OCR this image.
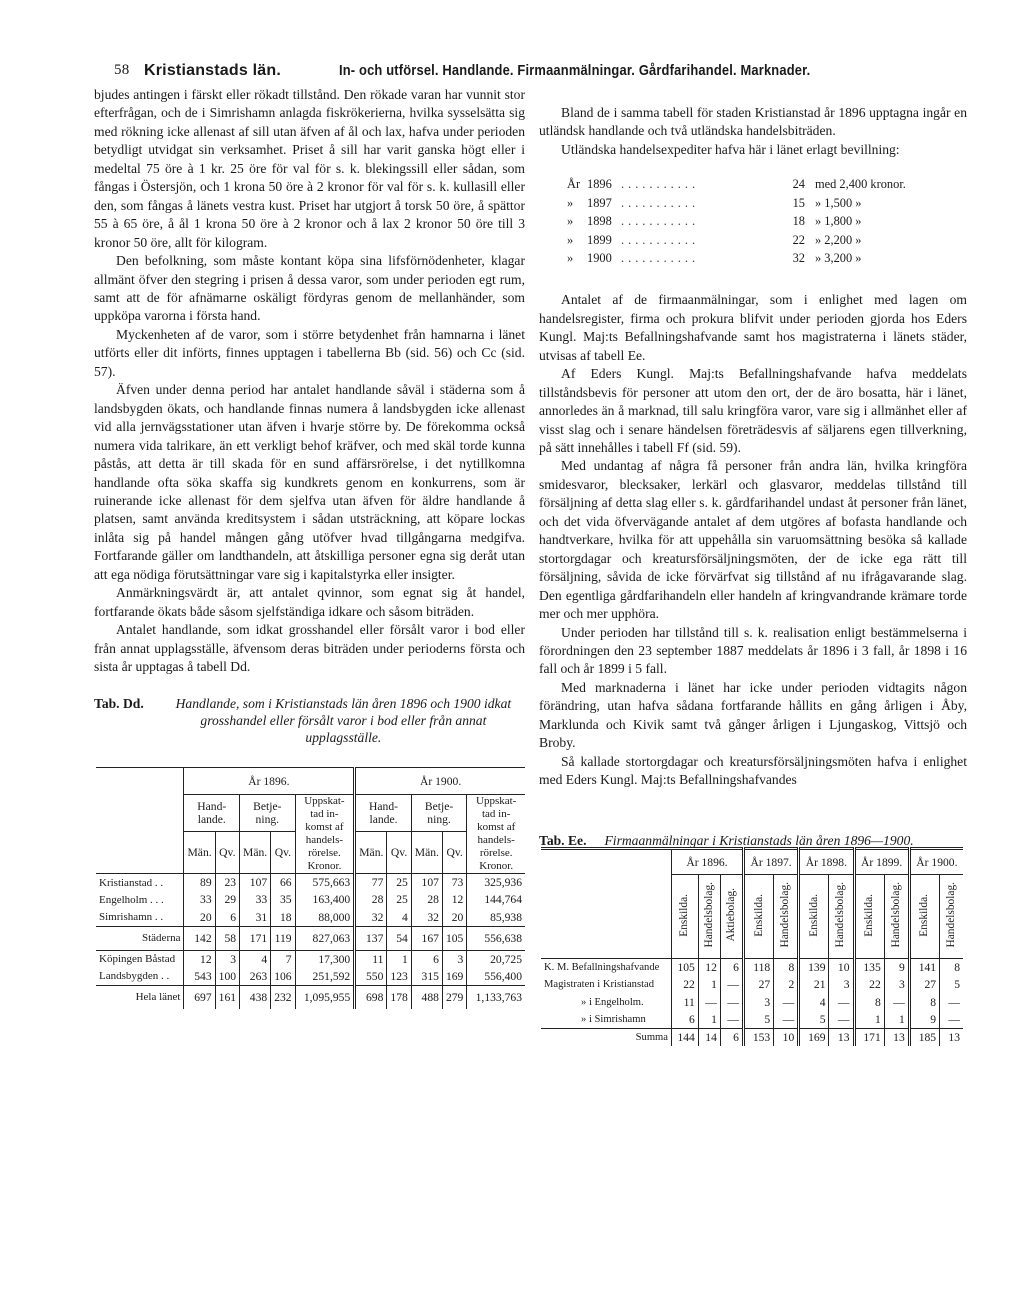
58 Kristianstads län.	In- och utförsel. Handlande. Firmaanmälningar. Gårdfarihandel. Marknader.

bjudes antingen i färskt eller rökadt tillstånd. Den rökade varan har vunnit stor efterfrågan, och de i Simrishamn anlagda fiskrökerierna, hvilka sysselsätta sig med rökning icke allenast af sill utan äfven af ål och lax, hafva under perioden betydligt utvidgat sin verksamhet. Priset å sill har varit ganska högt eller i medeltal 75 öre à 1 kr. 25 öre för val för s. k. blekingssill eller sådan, som fångas i Östersjön, och 1 krona 50 öre à 2 kronor för val för s. k. kullasill eller den, som fångas å länets vestra kust. Priset har utgjort å torsk 50 öre, å spättor 55 à 65 öre, å ål 1 krona 50 öre à 2 kronor och å lax 2 kronor 50 öre till 3 kronor 50 öre, allt för kilogram.

Den befolkning, som måste kontant köpa sina lifsförnödenheter, klagar allmänt öfver den stegring i prisen å dessa varor, som under perioden egt rum, samt att de för afnämarne oskäligt fördyras genom de mellanhänder, som uppköpa varorna i första hand.

Myckenheten af de varor, som i större betydenhet från hamnarna i länet utförts eller dit införts, finnes upptagen i tabellerna Bb (sid. 56) och Cc (sid. 57).

Äfven under denna period har antalet handlande såväl i städerna som å landsbygden ökats, och handlande finnas numera å landsbygden icke allenast vid alla jernvägsstationer utan äfven i hvarje större by. De förekomma också numera vida talrikare, än ett verkligt behof kräfver, och med skäl torde kunna påstås, att detta är till skada för en sund affärsrörelse, i det nytillkomna handlande ofta söka skaffa sig kundkrets genom en konkurrens, som är ruinerande icke allenast för dem sjelfva utan äfven för äldre handlande å platsen, samt använda kreditsystem i sådan utsträckning, att köpare lockas inlåta sig på handel mången gång utöfver hvad tillgångarna medgifva. Fortfarande gäller om landthandeln, att åtskilliga personer egna sig deråt utan att ega nödiga förutsättningar vare sig i kapitalstyrka eller insigter.

Anmärkningsvärdt är, att antalet qvinnor, som egnat sig åt handel, fortfarande ökats både såsom sjelfständiga idkare och såsom biträden.

Antalet handlande, som idkat grosshandel eller försålt varor i bod eller från annat upplagsställe, äfvensom deras biträden under perioderns första och sista år upptagas å tabell Dd.

Tab. Dd.	Handlande, som i Kristianstads län åren 1896 och 1900 idkat grosshandel eller försålt varor i bod eller från annat upplagsställe.
	År 1896.					År 1900.				
	Hand-lande.		Betje-ning.		Uppskat-tad in-komst af handels-rörelse. Kronor.	Hand-lande.		Betje-ning.		Uppskat-tad in-komst af handels-rörelse. Kronor.
	Män.	Qv.	Män.	Qv.		Män.	Qv.	Män.	Qv.	
Kristianstad . .	89	23	107	66	575,663	77	25	107	73	325,936
Engelholm . . .	33	29	33	35	163,400	28	25	28	12	144,764
Simrishamn . .	20	6	31	18	88,000	32	4	32	20	85,938
Städerna	142	58	171	119	827,063	137	54	167	105	556,638
Köpingen Båstad	12	3	4	7	17,300	11	1	6	3	20,725
Landsbygden . .	543	100	263	106	251,592	550	123	315	169	556,400
Hela länet	697	161	438	232	1,095,955	698	178	488	279	1,133,763

Bland de i samma tabell för staden Kristianstad år 1896 upptagna ingår en utländsk handlande och två utländska handelsbiträden.

Utländska handelsexpediter hafva här i länet erlagt bevillning:

År 1896 ...........	24 med 2,400 kronor.
»	1897 ...........	15 » 1,500 »
»	1898 ...........	18 » 1,800 »
»	1899 ...........	22 » 2,200 »
»	1900 ...........	32 » 3,200 »

Antalet af de firmaanmälningar, som i enlighet med lagen om handelsregister, firma och prokura blifvit under perioden gjorda hos Eders Kungl. Maj:ts Befallningshafvande samt hos magistraterna i länets städer, utvisas af tabell Ee.

Af Eders Kungl. Maj:ts Befallningshafvande hafva meddelats tillståndsbevis för personer att utom den ort, der de äro bosatta, här i länet, annorledes än å marknad, till salu kringföra varor, vare sig i allmänhet eller af visst slag och i senare händelsen företrädesvis af säljarens egen tillverkning, på sätt innehålles i tabell Ff (sid. 59).

Med undantag af några få personer från andra län, hvilka kringföra smidesvaror, blecksaker, lerkärl och glasvaror, meddelas tillstånd till försäljning af detta slag eller s. k. gårdfarihandel undast åt personer från länet, och det vida öfvervägande antalet af dem utgöres af bofasta handlande och handtverkare, hvilka för att uppehålla sin varuomsättning besöka så kallade stortorgdagar och kreatursförsäljningsmöten, der de icke ega rätt till försäljning, såvida de icke förvärfvat sig tillstånd af nu ifrågavarande slag. Den egentliga gårdfarihandeln eller handeln af kringvandrande krämare torde mer och mer upphöra.

Under perioden har tillstånd till s. k. realisation enligt bestämmelserna i förordningen den 23 september 1887 meddelats år 1896 i 3 fall, år 1898 i 16 fall och år 1899 i 5 fall.

Med marknaderna i länet har icke under perioden vidtagits någon förändring, utan hafva sådana fortfarande hållits en gång årligen i Åby, Marklunda och Kivik samt två gånger årligen i Ljungaskog, Vittsjö och Broby.

Så kallade stortorgdagar och kreatursförsäljningsmöten hafva i enlighet med Eders Kungl. Maj:ts Befallningshafvandes

Tab. Ee.	Firmaanmälningar i Kristianstads län åren 1896—1900.
	År 1896.			År 1897.		År 1898.		År 1899.		År 1900.	
	Enskilda.	Handelsbolag.	Aktiebolag.	Enskilda.	Handelsbolag.	Enskilda.	Handelsbolag.	Enskilda.	Handelsbolag.	Enskilda.	Handelsbolag.
K. M. Befallningshafvande	105	12	6	118	8	139	10	135	9	141	8
Magistraten i Kristianstad	22	1	—	27	2	21	3	22	3	27	5
» i Engelholm.	11	—	—	3	—	4	—	8	—	8	—
» i Simrishamn	6	1	—	5	—	5	—	1	1	9	—
Summa	144	14	6	153	10	169	13	171	13	185	13
